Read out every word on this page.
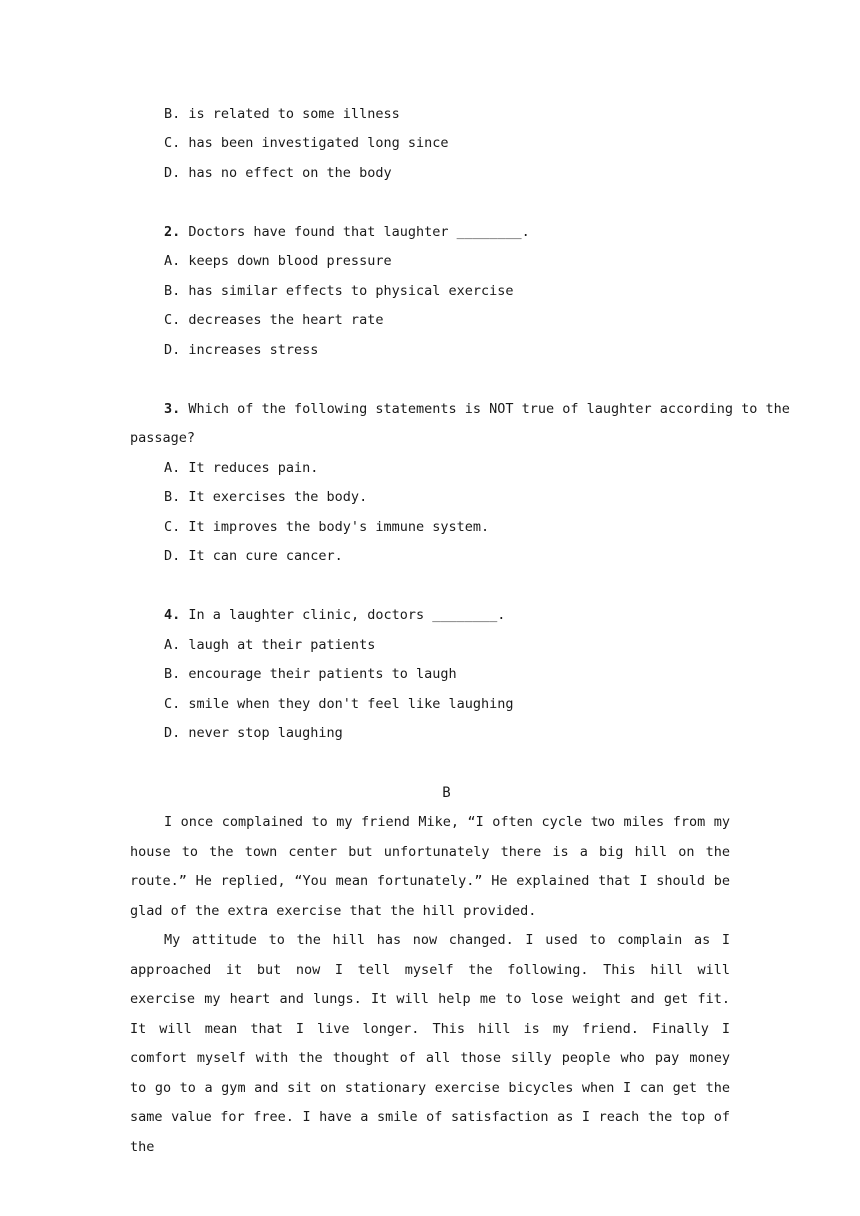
B. is related to some illness
C. has been investigated long since
D. has no effect on the body
2. Doctors have found that laughter ________.
A. keeps down blood pressure
B. has similar effects to physical exercise
C. decreases the heart rate
D. increases stress
3. Which of the following statements is NOT true of laughter according to the
passage?
A. It reduces pain.
B. It exercises the body.
C. It improves the body's immune system.
D. It can cure cancer.
4. In a laughter clinic, doctors ________.
A. laugh at their patients
B. encourage their patients to laugh
C. smile when they don't feel like laughing
D. never stop laughing
B

I once complained to my friend Mike, “I often cycle two miles from my house to the town center but unfortunately there is a big hill on the route.” He replied, “You mean fortunately.” He explained that I should be glad of the extra exercise that the hill provided.

My attitude to the hill has now changed. I used to complain as I approached it but now I tell myself the following. This hill will exercise my heart and lungs. It will help me to lose weight and get fit. It will mean that I live longer. This hill is my friend. Finally I comfort myself with the thought of all those silly people who pay money to go to a gym and sit on stationary exercise bicycles when I can get the same value for free. I have a smile of satisfaction as I reach the top of the
